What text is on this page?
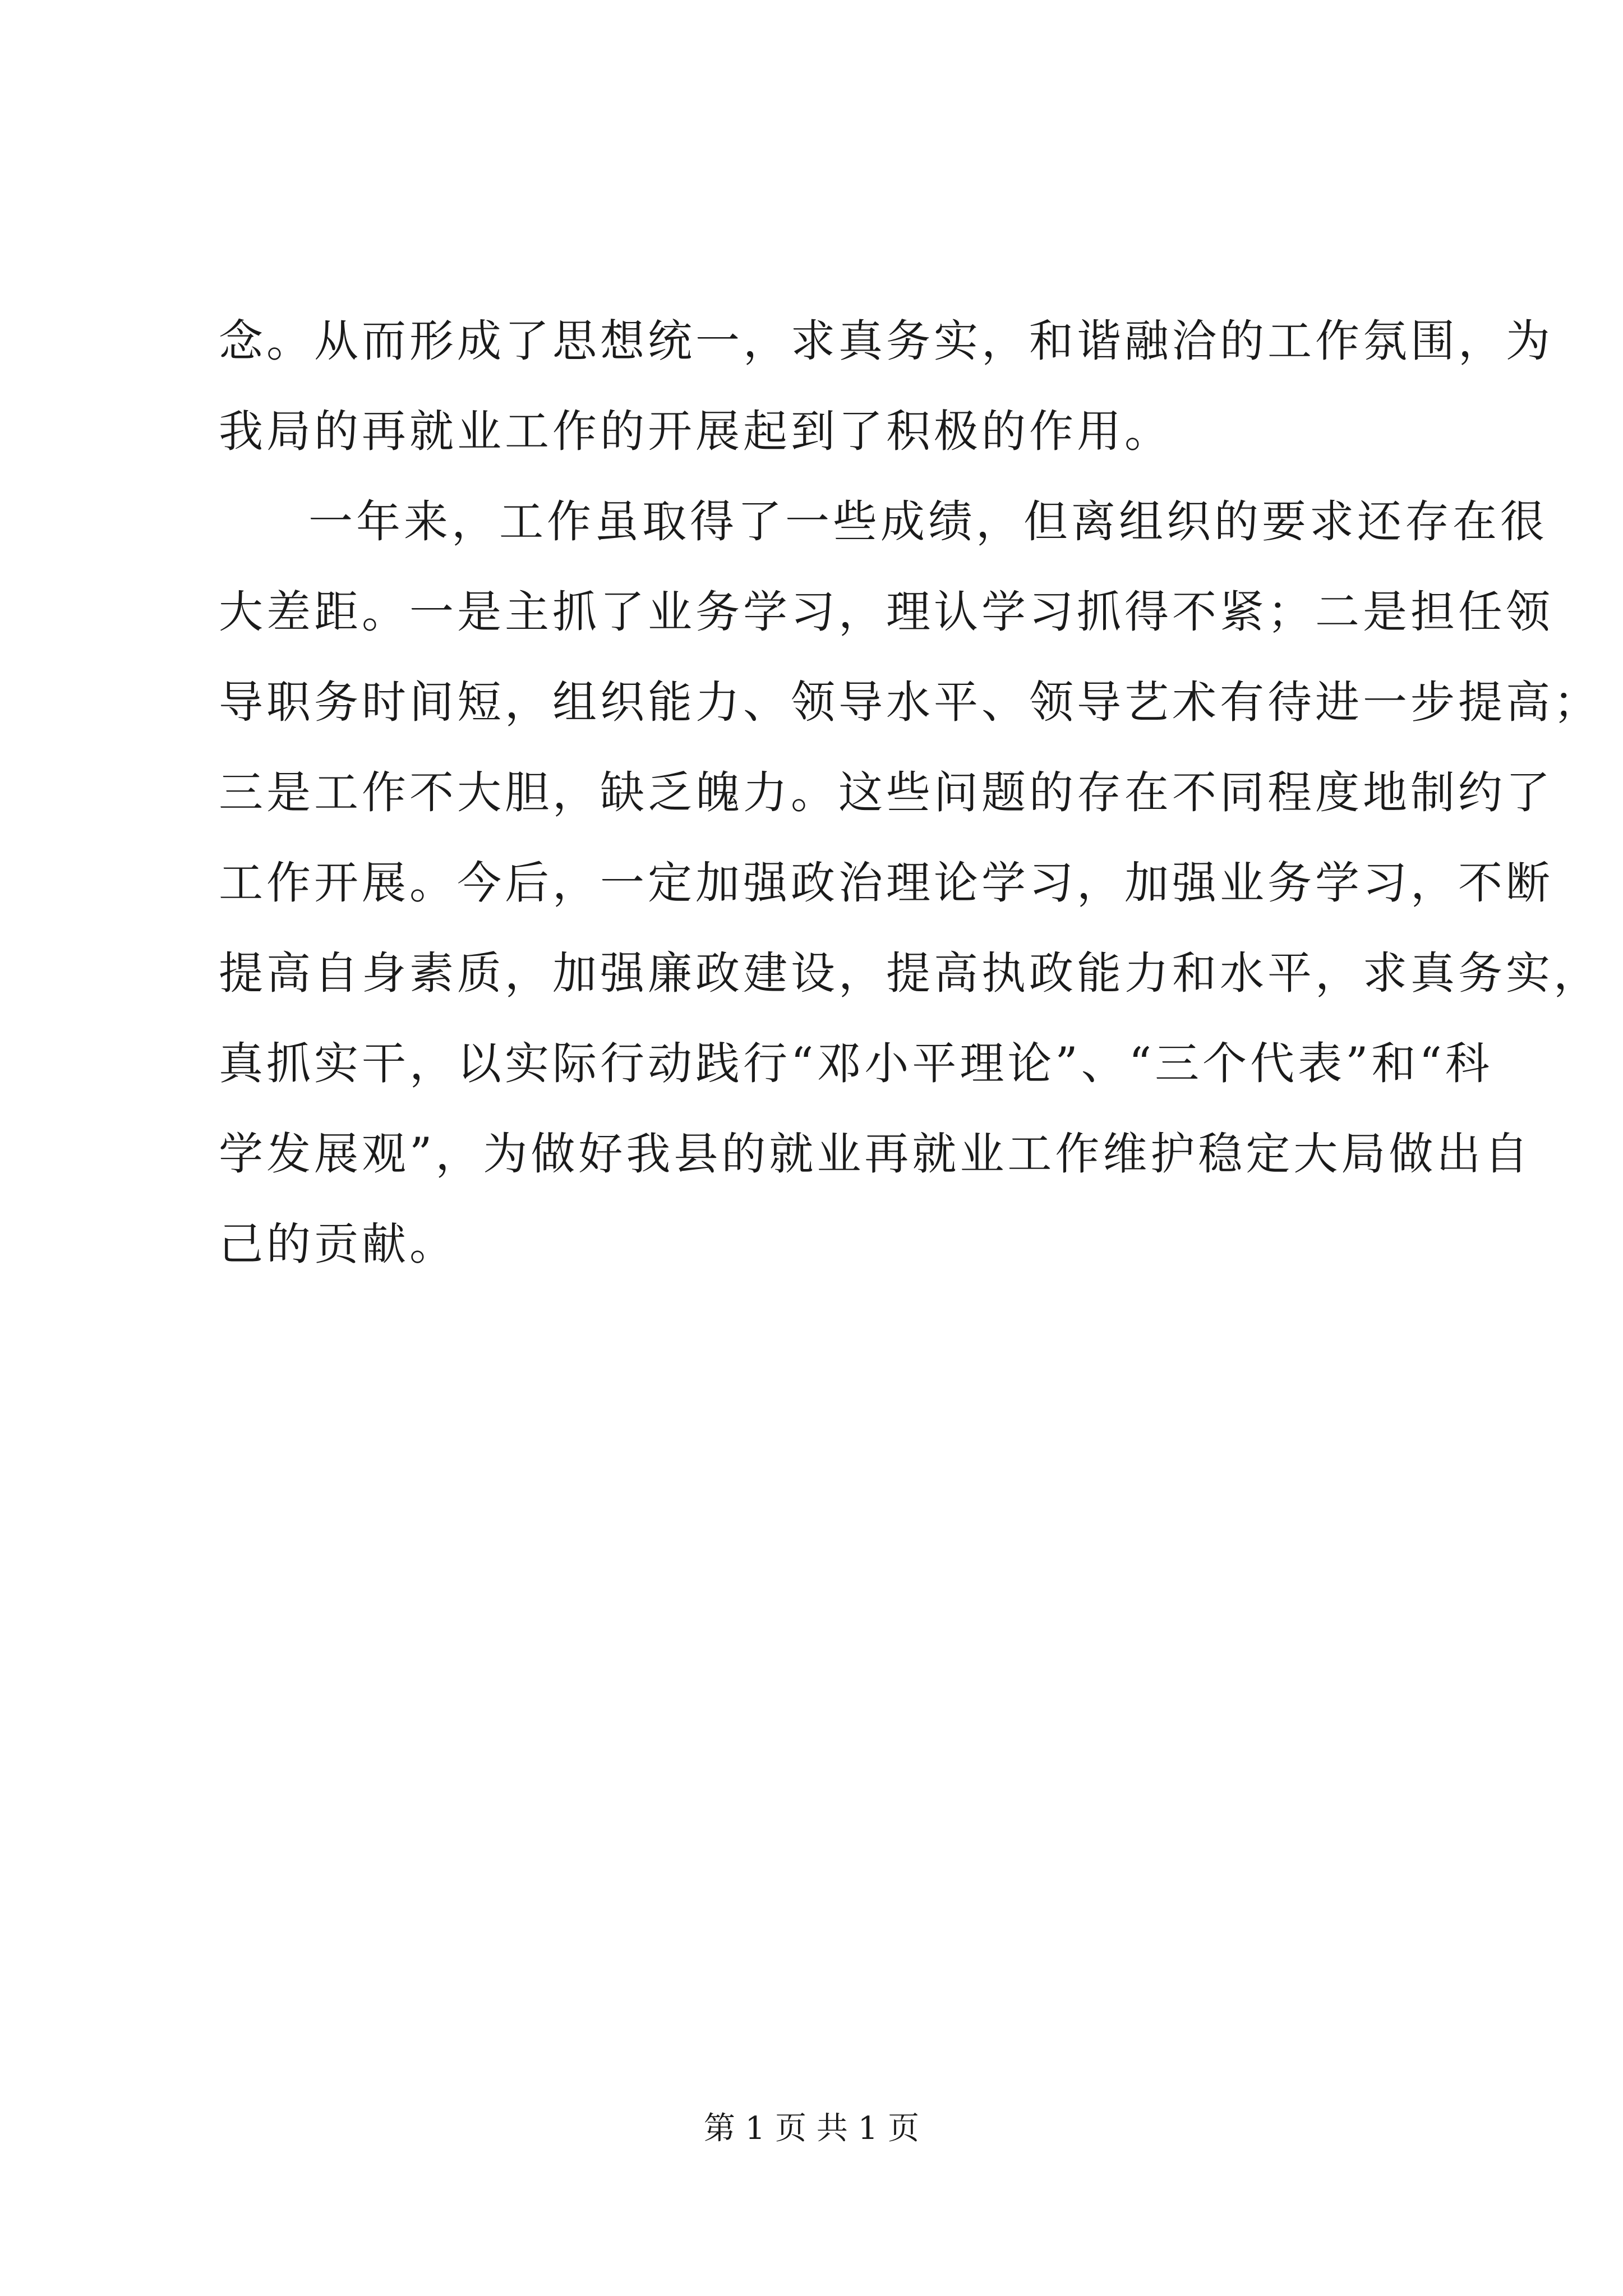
念。从而形成了思想统一，求真务实，和谐融洽的工作氛围，为
我局的再就业工作的开展起到了积极的作用。
一年来，工作虽取得了一些成绩，但离组织的要求还存在很
大差距。一是主抓了业务学习，理认学习抓得不紧；二是担任领
导职务时间短，组织能力、领导水平、领导艺术有待进一步提高；
三是工作不大胆，缺乏魄力。这些问题的存在不同程度地制约了
工作开展。今后，一定加强政治理论学习，加强业务学习，不断
提高自身素质，加强廉政建设，提高执政能力和水平，求真务实，
真抓实干，以实际行动践行“邓小平理论”、“三个代表”和“科
学发展观”，为做好我县的就业再就业工作维护稳定大局做出自
己的贡献。
第 1 页 共 1 页
